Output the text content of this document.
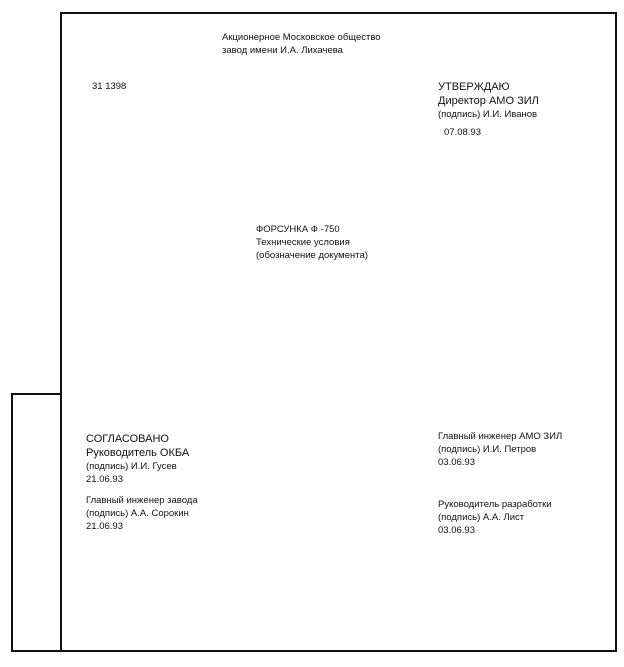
Акционерное Московское общество
завод имени И.А. Лихачева
31 1398	УТВЕРЖДАЮ
Директор АМО ЗИЛ
(подпись) И.И. Иванов
07.08.93
ФОРСУНКА Ф -750
Технические условия
(обозначение документа)
СОГЛАСОВАНО
Руководитель ОКБА
(подпись) И.И. Гусев
21.06.93
Главный инженер завода
(подпись) А.А. Сорокин
21.06.93
Главный инженер АМО ЗИЛ
(подпись) И.И. Петров
03.06.93
Руководитель разработки
(подпись) А.А. Лист
03.06.93
